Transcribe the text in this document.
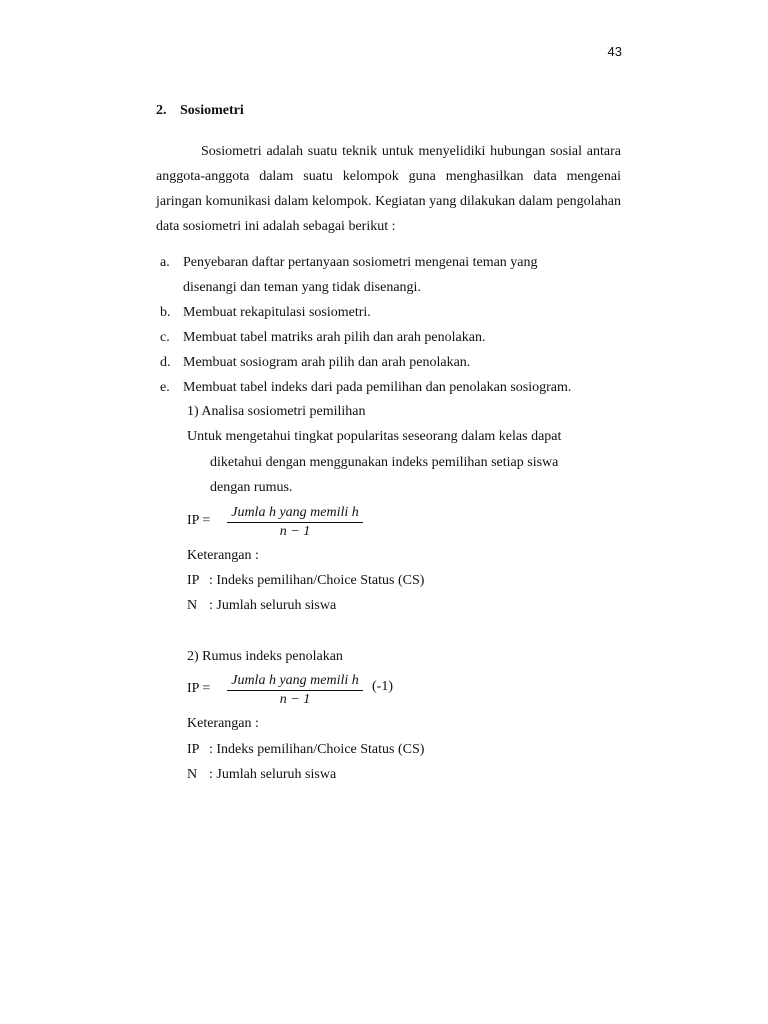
43
2. Sosiometri

Sosiometri adalah suatu teknik untuk menyelidiki hubungan sosial antara anggota-anggota dalam suatu kelompok guna menghasilkan data mengenai jaringan komunikasi dalam kelompok. Kegiatan yang dilakukan dalam pengolahan data sosiometri ini adalah sebagai berikut :

a. Penyebaran daftar pertanyaan sosiometri mengenai teman yang
disenangi dan teman yang tidak disenangi.
b. Membuat rekapitulasi sosiometri.
c. Membuat tabel matriks arah pilih dan arah penolakan.
d. Membuat sosiogram arah pilih dan arah penolakan.
e. Membuat tabel indeks dari pada pemilihan dan penolakan sosiogram.
1) Analisa sosiometri pemilihan
Untuk mengetahui tingkat popularitas seseorang dalam kelas dapat
diketahui dengan menggunakan indeks pemilihan setiap siswa
dengan rumus.
IP =
Jumla h yang memili h
n − 1
Keterangan :
IP : Indeks pemilihan/Choice Status (CS)
N : Jumlah seluruh siswa
2) Rumus indeks penolakan
IP =
Jumla h yang memili h
n − 1
(-1)
Keterangan :
IP : Indeks pemilihan/Choice Status (CS)
N : Jumlah seluruh siswa
